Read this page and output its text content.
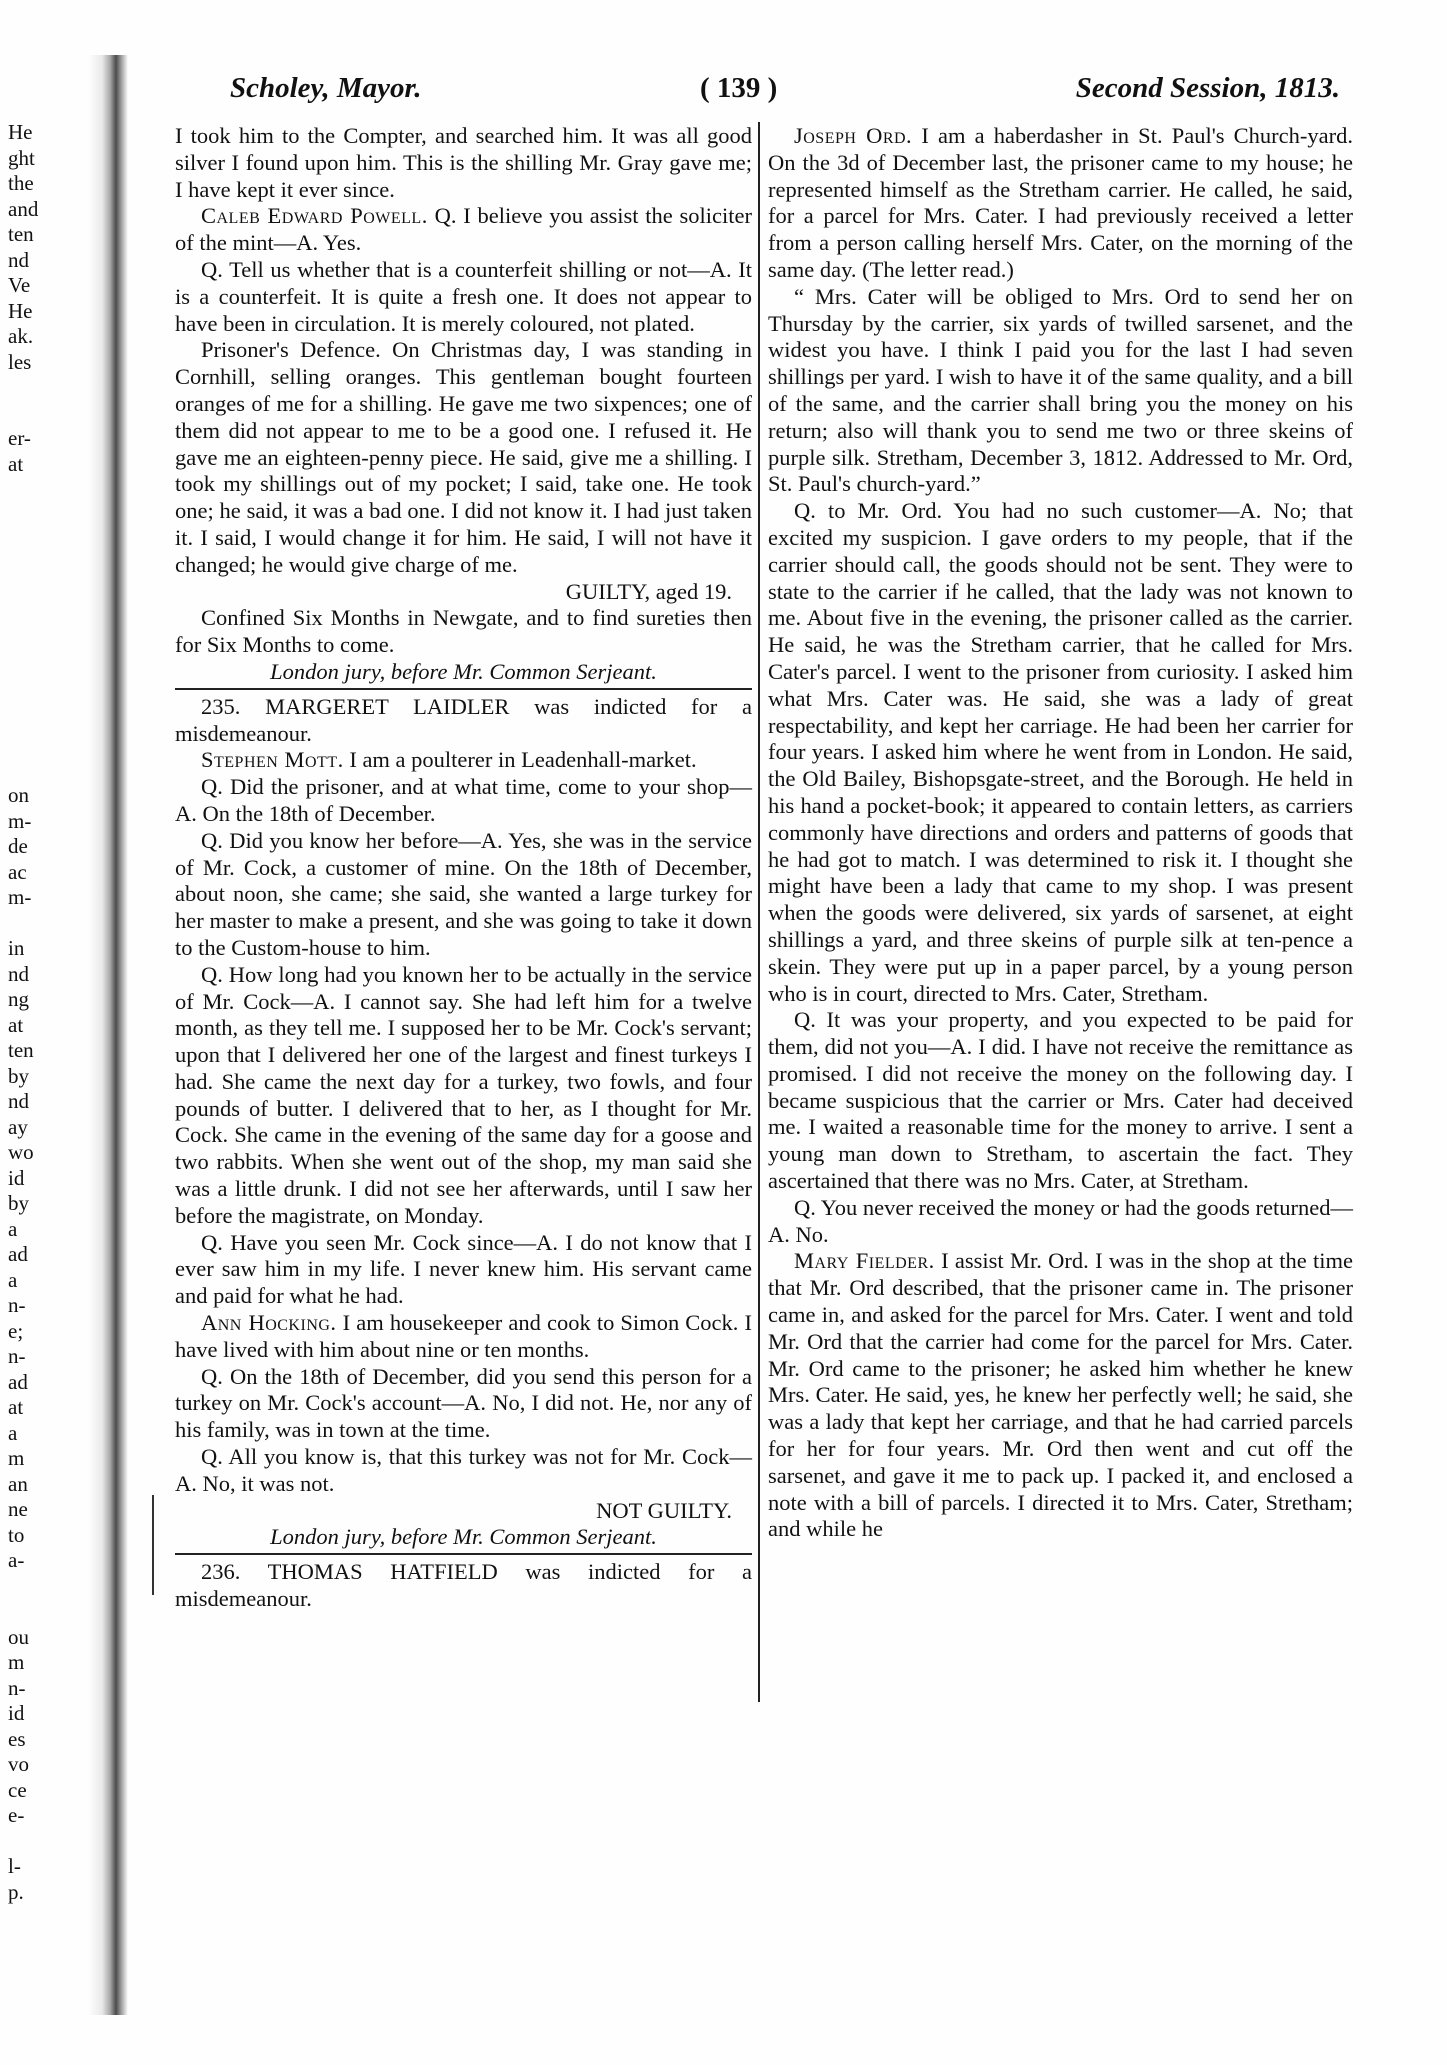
He
ght
the
and
ten
nd
Ve
He
ak.
les

er-
at

on
m-
de
ac
m-

in
nd
ng
at
ten
by
nd
ay
wo
id
by
a
ad
a
n-
e;
n-
ad
at
a
m
an
ne
to
a-

ou
m
n-
id
es
vo
ce
e-

l-
p.
Scholey, Mayor.	( 139 )	Second Session, 1813.

I took him to the Compter, and searched him. It was all good silver I found upon him. This is the shilling Mr. Gray gave me; I have kept it ever since.

Caleb Edward Powell. Q. I believe you assist the soliciter of the mint—A. Yes.

Q. Tell us whether that is a counterfeit shilling or not—A. It is a counterfeit. It is quite a fresh one. It does not appear to have been in circulation. It is merely coloured, not plated.

Prisoner's Defence. On Christmas day, I was standing in Cornhill, selling oranges. This gentleman bought fourteen oranges of me for a shilling. He gave me two sixpences; one of them did not appear to me to be a good one. I refused it. He gave me an eighteen-penny piece. He said, give me a shilling. I took my shillings out of my pocket; I said, take one. He took one; he said, it was a bad one. I did not know it. I had just taken it. I said, I would change it for him. He said, I will not have it changed; he would give charge of me.

GUILTY, aged 19.

Confined Six Months in Newgate, and to find sureties then for Six Months to come.

London jury, before Mr. Common Serjeant.

235. MARGERET LAIDLER was indicted for a misdemeanour.

Stephen Mott. I am a poulterer in Leadenhall-market.

Q. Did the prisoner, and at what time, come to your shop—A. On the 18th of December.

Q. Did you know her before—A. Yes, she was in the service of Mr. Cock, a customer of mine. On the 18th of December, about noon, she came; she said, she wanted a large turkey for her master to make a present, and she was going to take it down to the Custom-house to him.

Q. How long had you known her to be actually in the service of Mr. Cock—A. I cannot say. She had left him for a twelve month, as they tell me. I supposed her to be Mr. Cock's servant; upon that I delivered her one of the largest and finest turkeys I had. She came the next day for a turkey, two fowls, and four pounds of butter. I delivered that to her, as I thought for Mr. Cock. She came in the evening of the same day for a goose and two rabbits. When she went out of the shop, my man said she was a little drunk. I did not see her afterwards, until I saw her before the magistrate, on Monday.

Q. Have you seen Mr. Cock since—A. I do not know that I ever saw him in my life. I never knew him. His servant came and paid for what he had.

Ann Hocking. I am housekeeper and cook to Simon Cock. I have lived with him about nine or ten months.

Q. On the 18th of December, did you send this person for a turkey on Mr. Cock's account—A. No, I did not. He, nor any of his family, was in town at the time.

Q. All you know is, that this turkey was not for Mr. Cock—A. No, it was not.

NOT GUILTY.

London jury, before Mr. Common Serjeant.

236. THOMAS HATFIELD was indicted for a misdemeanour.

Joseph Ord. I am a haberdasher in St. Paul's Church-yard. On the 3d of December last, the prisoner came to my house; he represented himself as the Stretham carrier. He called, he said, for a parcel for Mrs. Cater. I had previously received a letter from a person calling herself Mrs. Cater, on the morning of the same day. (The letter read.)

“ Mrs. Cater will be obliged to Mrs. Ord to send her on Thursday by the carrier, six yards of twilled sarsenet, and the widest you have. I think I paid you for the last I had seven shillings per yard. I wish to have it of the same quality, and a bill of the same, and the carrier shall bring you the money on his return; also will thank you to send me two or three skeins of purple silk. Stretham, December 3, 1812. Addressed to Mr. Ord, St. Paul's church-yard.”

Q. to Mr. Ord. You had no such customer—A. No; that excited my suspicion. I gave orders to my people, that if the carrier should call, the goods should not be sent. They were to state to the carrier if he called, that the lady was not known to me. About five in the evening, the prisoner called as the carrier. He said, he was the Stretham carrier, that he called for Mrs. Cater's parcel. I went to the prisoner from curiosity. I asked him what Mrs. Cater was. He said, she was a lady of great respectability, and kept her carriage. He had been her carrier for four years. I asked him where he went from in London. He said, the Old Bailey, Bishopsgate-street, and the Borough. He held in his hand a pocket-book; it appeared to contain letters, as carriers commonly have directions and orders and patterns of goods that he had got to match. I was determined to risk it. I thought she might have been a lady that came to my shop. I was present when the goods were delivered, six yards of sarsenet, at eight shillings a yard, and three skeins of purple silk at ten-pence a skein. They were put up in a paper parcel, by a young person who is in court, directed to Mrs. Cater, Stretham.

Q. It was your property, and you expected to be paid for them, did not you—A. I did. I have not receive the remittance as promised. I did not receive the money on the following day. I became suspicious that the carrier or Mrs. Cater had deceived me. I waited a reasonable time for the money to arrive. I sent a young man down to Stretham, to ascertain the fact. They ascertained that there was no Mrs. Cater, at Stretham.

Q. You never received the money or had the goods returned—A. No.

Mary Fielder. I assist Mr. Ord. I was in the shop at the time that Mr. Ord described, that the prisoner came in. The prisoner came in, and asked for the parcel for Mrs. Cater. I went and told Mr. Ord that the carrier had come for the parcel for Mrs. Cater. Mr. Ord came to the prisoner; he asked him whether he knew Mrs. Cater. He said, yes, he knew her perfectly well; he said, she was a lady that kept her carriage, and that he had carried parcels for her for four years. Mr. Ord then went and cut off the sarsenet, and gave it me to pack up. I packed it, and enclosed a note with a bill of parcels. I directed it to Mrs. Cater, Stretham; and while he
